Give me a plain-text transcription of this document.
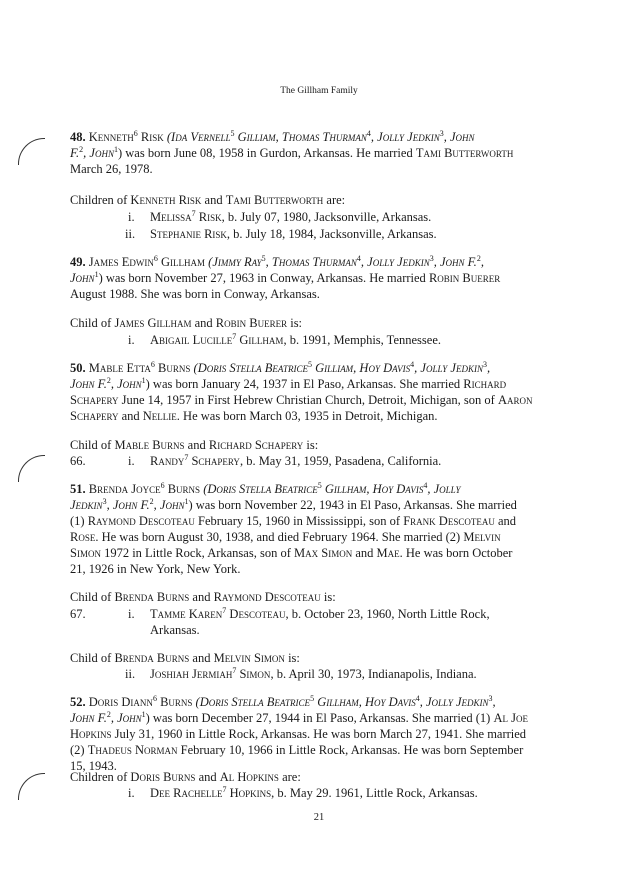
The Gillham Family
48. Kenneth$^6$ Risk (Ida Vernell$^5$ Gilliam, Thomas Thurman$^4$, Jolly Jedkin$^3$, John
F.$^2$, John$^1$) was born June 08, 1958 in Gurdon, Arkansas. He married Tami Butterworth
March 26, 1978.
Children of Kenneth Risk and Tami Butterworth are:
i. Melissa$^7$ Risk, b. July 07, 1980, Jacksonville, Arkansas.
ii. Stephanie Risk, b. July 18, 1984, Jacksonville, Arkansas.
49. James Edwin$^6$ Gillham (Jimmy Ray$^5$, Thomas Thurman$^4$, Jolly Jedkin$^3$, John F.$^2$,
John$^1$) was born November 27, 1963 in Conway, Arkansas. He married Robin Buerer
August 1988. She was born in Conway, Arkansas.
Child of James Gillham and Robin Buerer is:
i. Abigail Lucille$^7$ Gillham, b. 1991, Memphis, Tennessee.
50. Mable Etta$^6$ Burns (Doris Stella Beatrice$^5$ Gilliam, Hoy Davis$^4$, Jolly Jedkin$^3$,
John F.$^2$, John$^1$) was born January 24, 1937 in El Paso, Arkansas. She married Richard
Schapery June 14, 1957 in First Hebrew Christian Church, Detroit, Michigan, son of Aaron
Schapery and Nellie. He was born March 03, 1935 in Detroit, Michigan.
Child of Mable Burns and Richard Schapery is:
66.	i. Randy$^7$ Schapery, b. May 31, 1959, Pasadena, California.
51. Brenda Joyce$^6$ Burns (Doris Stella Beatrice$^5$ Gillham, Hoy Davis$^4$, Jolly
Jedkin$^3$, John F.$^2$, John$^1$) was born November 22, 1943 in El Paso, Arkansas. She married
(1) Raymond Descoteau February 15, 1960 in Mississippi, son of Frank Descoteau and
Rose. He was born August 30, 1938, and died February 1964. She married (2) Melvin
Simon 1972 in Little Rock, Arkansas, son of Max Simon and Mae. He was born October
21, 1926 in New York, New York.
Child of Brenda Burns and Raymond Descoteau is:
67.	i. Tamme Karen$^7$ Descoteau, b. October 23, 1960, North Little Rock,
Arkansas.
Child of Brenda Burns and Melvin Simon is:
ii. Joshiah Jermiah$^7$ Simon, b. April 30, 1973, Indianapolis, Indiana.
52. Doris Diann$^6$ Burns (Doris Stella Beatrice$^5$ Gillham, Hoy Davis$^4$, Jolly Jedkin$^3$,
John F.$^2$, John$^1$) was born December 27, 1944 in El Paso, Arkansas. She married (1) Al Joe
Hopkins July 31, 1960 in Little Rock, Arkansas. He was born March 27, 1941. She married
(2) Thadeus Norman February 10, 1966 in Little Rock, Arkansas. He was born September
15, 1943.
Children of Doris Burns and Al Hopkins are:
i. Dee Rachelle$^7$ Hopkins, b. May 29. 1961, Little Rock, Arkansas.
21
